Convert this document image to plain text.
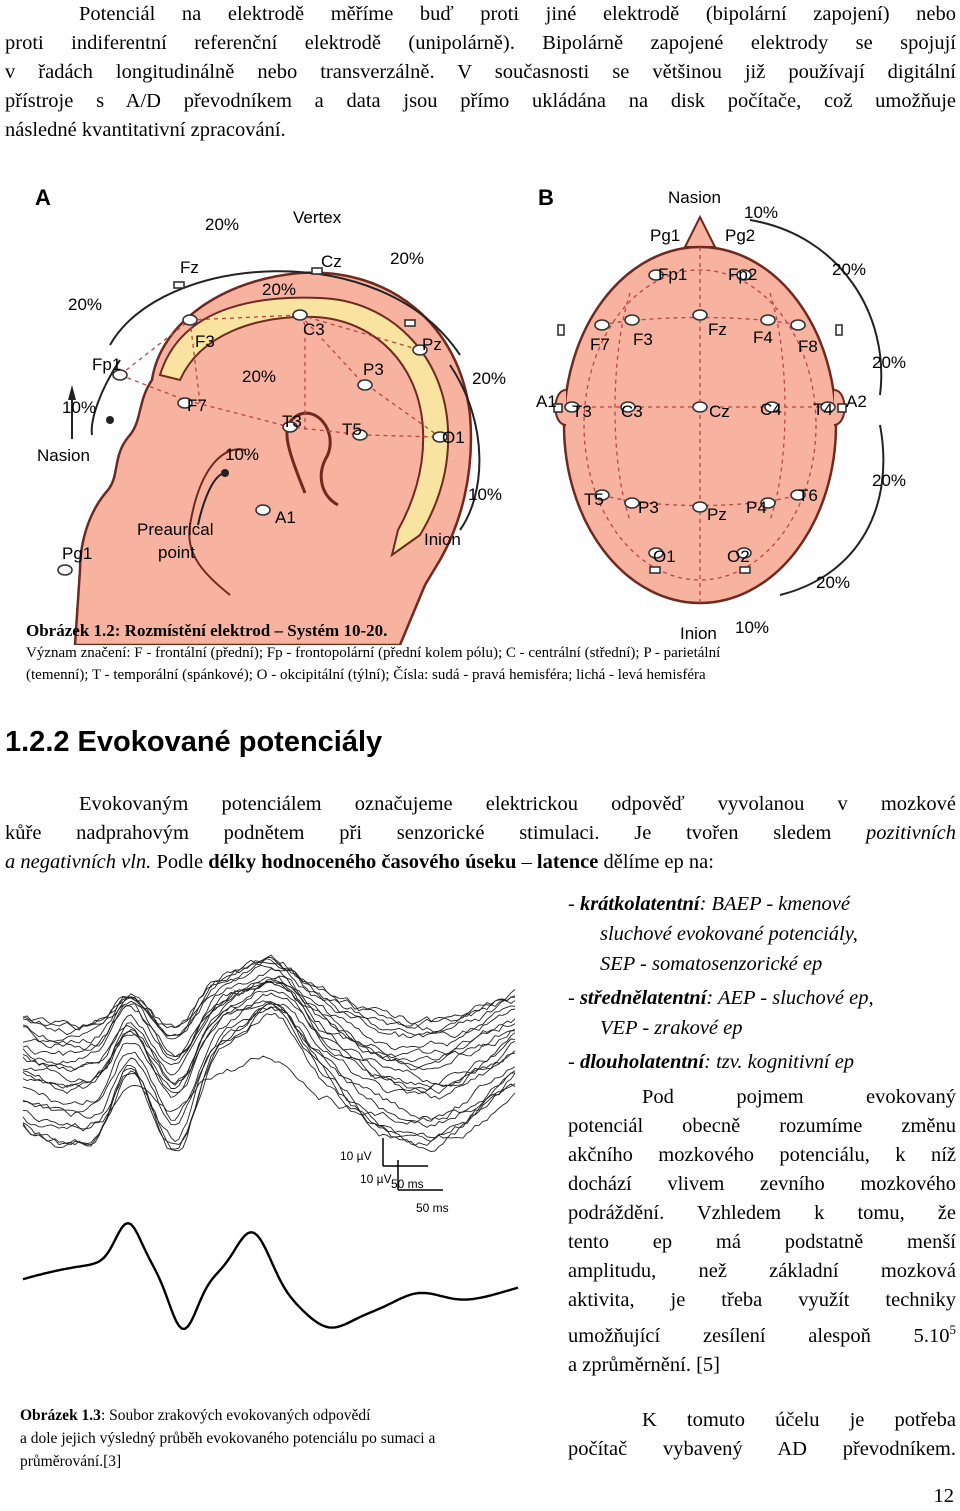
Potenciál na elektrodě měříme buď proti jiné elektrodě (bipolární zapojení) nebo
proti indiferentní referenční elektrodě (unipolárně). Bipolárně zapojené elektrody se spojují
v řadách longitudinálně nebo transverzálně. V současnosti se většinou již používají digitální
přístroje s A/D převodníkem a data jsou přímo ukládána na disk počítače, což umožňuje
následné kvantitativní zpracování.
A
Vertex
20%
20%
20%
20%
20%	20%
10%
10%
10%
Nasion
Inion
Preaurical
point
Fz	Cz
Pz
F3
C3
P3
Fp1
F7
T3 T5	O1
A1
Pg1
B	Nasion
Inion
10%
10%
20%
20%
20%
20%
Pg1	Pg2
Fp1 Fp2
F7 F3
Fz F4 F8
A1
T3 C3	Cz C4 T4 A2
T5 P3	Pz P4
T6
O1	O2
Obrázek 1.2: Rozmístění elektrod – Systém 10-20.
Význam značení: F - frontální (přední); Fp - frontopolární (přední kolem pólu); C - centrální (střední); P - parietální
(temenní); T - temporální (spánkové); O - okcipitální (týlní); Čísla: sudá - pravá hemisféra; lichá - levá hemisféra
1.2.2 Evokované potenciály
Evokovaným potenciálem označujeme elektrickou odpověď vyvolanou v mozkové
kůře nadprahovým podnětem při senzorické stimulaci. Je tvořen sledem pozitivních
a negativních vln. Podle délky hodnoceného časového úseku – latence dělíme ep na:
10 µV
50 ms
10 µV
50 ms
Obrázek 1.3: Soubor zrakových evokovaných odpovědí
a dole jejich výsledný průběh evokovaného potenciálu po sumaci a
průměrování.[3]
- krátkolatentní: BAEP - kmenové
sluchové evokované potenciály,
SEP - somatosenzorické ep
- střednělatentní: AEP - sluchové ep,
VEP - zrakové ep
- dlouholatentní: tzv. kognitivní ep
Pod pojmem evokovaný
potenciál obecně rozumíme změnu
akčního mozkového potenciálu, k níž
dochází vlivem zevního mozkového
podráždění. Vzhledem k tomu, že
tento ep má podstatně menší
amplitudu, než základní mozková
aktivita, je třeba využít techniky
umožňující zesílení alespoň 5.10$^5$
a zprůměrnění. [5]
K tomuto účelu je potřeba
počítač vybavený AD převodníkem.
12
